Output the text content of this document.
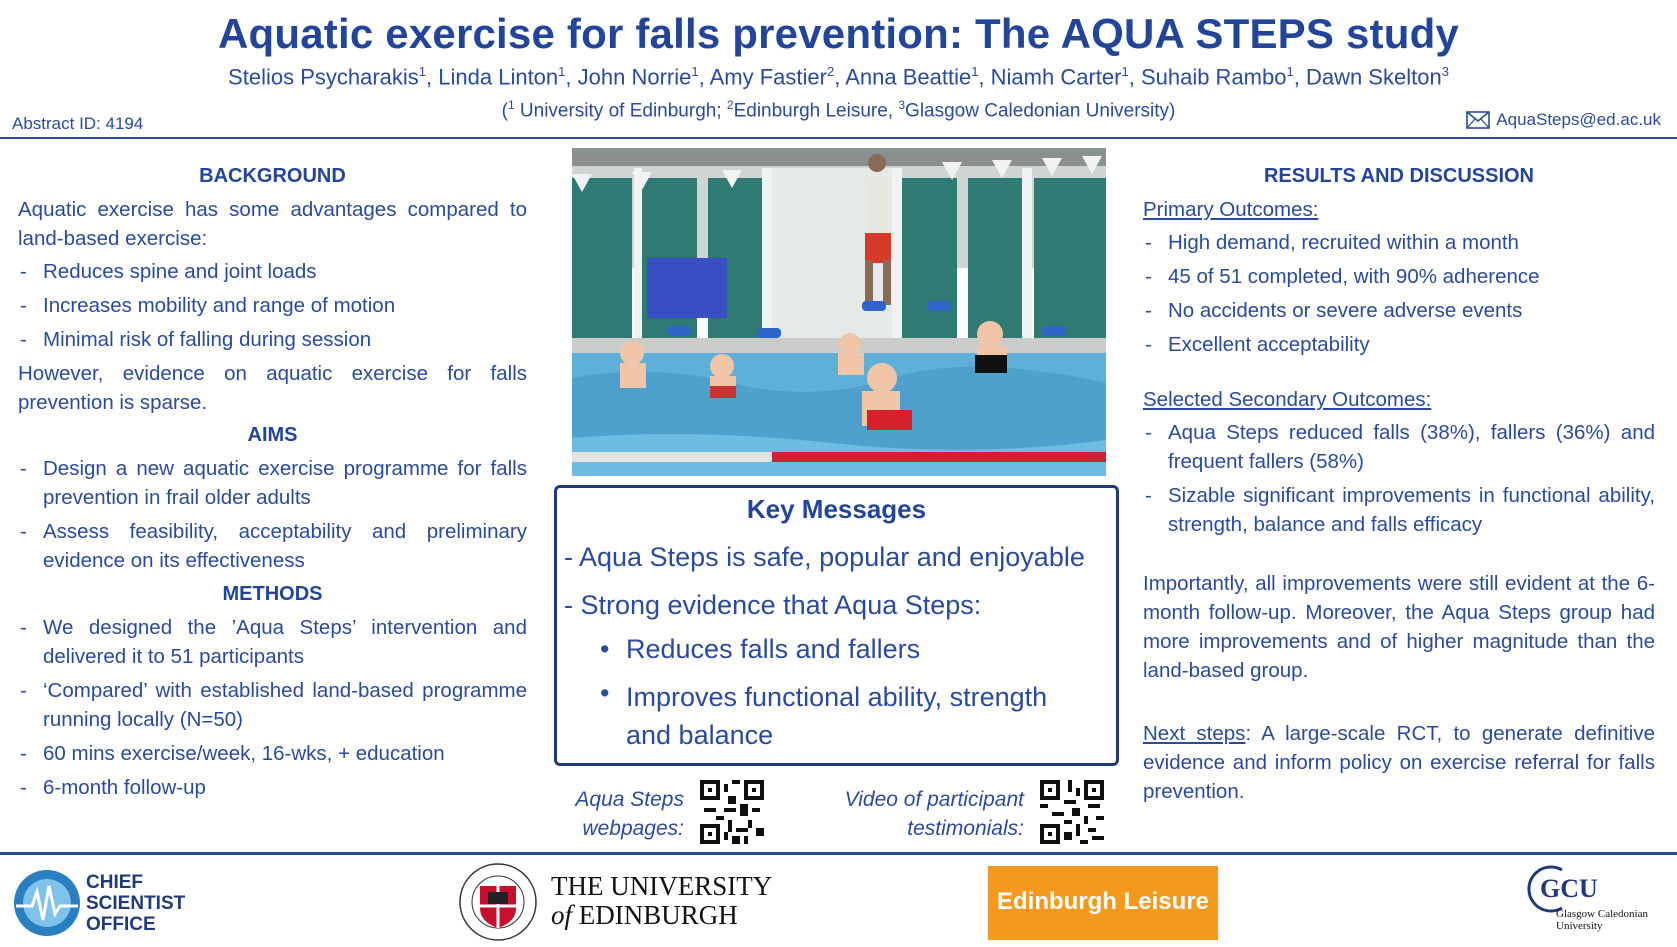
Aquatic exercise for falls prevention: The AQUA STEPS study
Stelios Psycharakis$^1$, Linda Linton$^1$, John Norrie$^1$, Amy Fastier$^2$, Anna Beattie$^1$, Niamh Carter$^1$, Suhaib Rambo$^1$, Dawn Skelton$^3$
($^1$ University of Edinburgh; $^2$Edinburgh Leisure, $^3$Glasgow Caledonian University)
Abstract ID: 4194	AquaSteps@ed.ac.uk
BACKGROUND

Aquatic exercise has some advantages compared to land-based exercise:

- Reduces spine and joint loads
- Increases mobility and range of motion
- Minimal risk of falling during session

However, evidence on aquatic exercise for falls prevention is sparse.

AIMS
- Design a new aquatic exercise programme for falls prevention in frail older adults
- Assess feasibility, acceptability and preliminary evidence on its effectiveness
METHODS
- We designed the ’Aqua Steps’ intervention and delivered it to 51 participants
- ‘Compared’ with established land-based programme running locally (N=50)
- 60 mins exercise/week, 16-wks, + education
- 6-month follow-up
Key Messages
- Aqua Steps is safe, popular and enjoyable
- Strong evidence that Aqua Steps:
• Reduces falls and fallers
• Improves functional ability, strength and balance
Aqua Steps
webpages:
Video of participant
testimonials:
RESULTS AND DISCUSSION
Primary Outcomes:
- High demand, recruited within a month
- 45 of 51 completed, with 90% adherence
- No accidents or severe adverse events
- Excellent acceptability
Selected Secondary Outcomes:
- Aqua Steps reduced falls (38%), fallers (36%) and frequent fallers (58%)
- Sizable significant improvements in functional ability, strength, balance and falls efficacy

Importantly, all improvements were still evident at the 6-month follow-up. Moreover, the Aqua Steps group had more improvements and of higher magnitude than the land-based group.

Next steps: A large-scale RCT, to generate definitive evidence and inform policy on exercise referral for falls prevention.

CHIEF
SCIENTIST
OFFICE
THE UNIVERSITY
of EDINBURGH	Edinburgh Leisure	GCU
Glasgow Caledonian
University
